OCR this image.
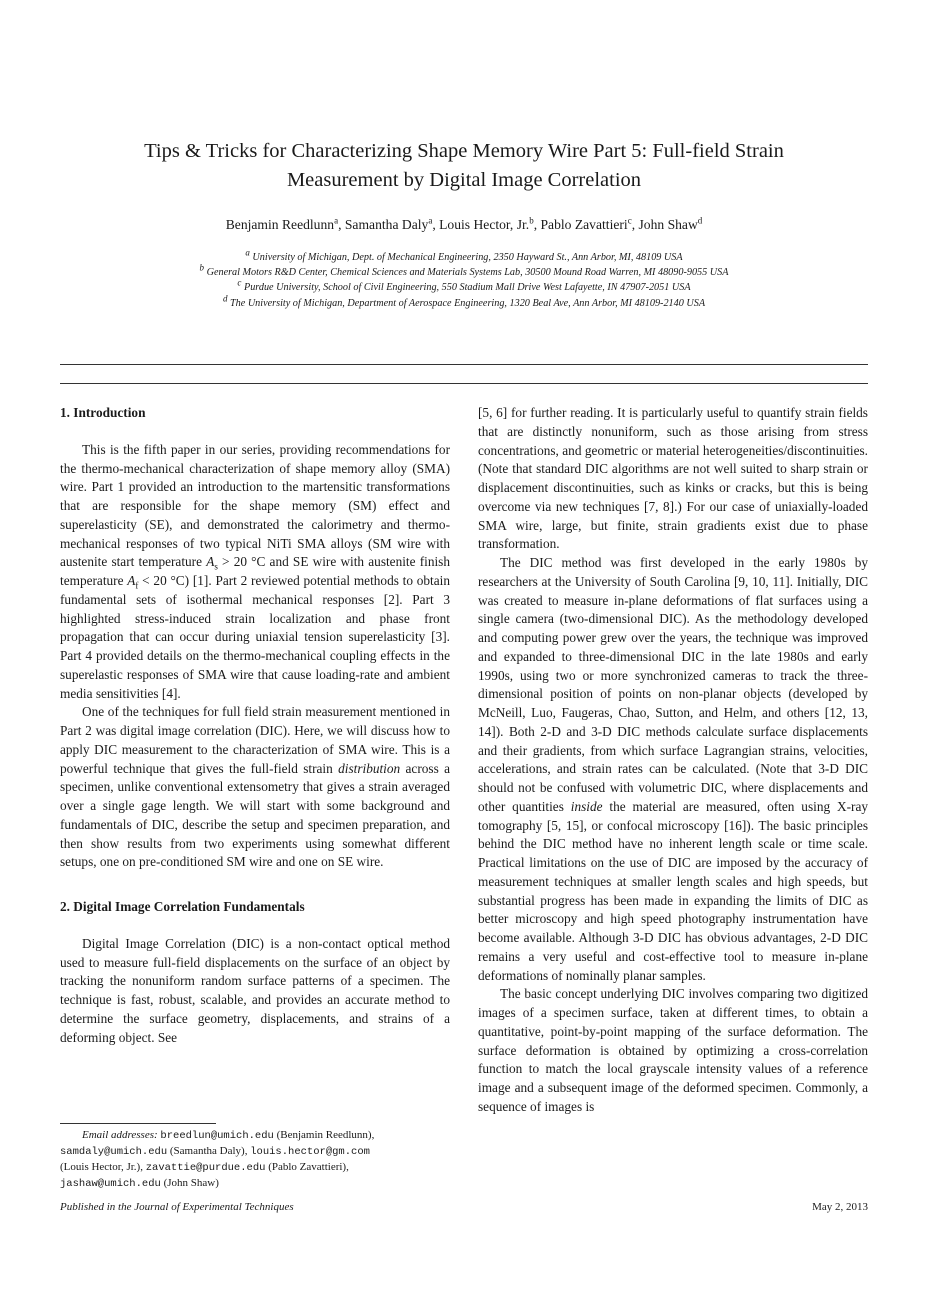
Tips & Tricks for Characterizing Shape Memory Wire Part 5: Full-field Strain
Measurement by Digital Image Correlation
Benjamin Reedlunn$^a$, Samantha Daly$^a$, Louis Hector, Jr.$^b$, Pablo Zavattieri$^c$, John Shaw$^d$
$^a$ University of Michigan, Dept. of Mechanical Engineering, 2350 Hayward St., Ann Arbor, MI, 48109 USA
$^b$ General Motors R&D Center, Chemical Sciences and Materials Systems Lab, 30500 Mound Road Warren, MI 48090-9055 USA
$^c$ Purdue University, School of Civil Engineering, 550 Stadium Mall Drive West Lafayette, IN 47907-2051 USA
$^d$ The University of Michigan, Department of Aerospace Engineering, 1320 Beal Ave, Ann Arbor, MI 48109-2140 USA
1. Introduction

This is the fifth paper in our series, providing recommendations for the thermo-mechanical characterization of shape memory alloy (SMA) wire. Part 1 provided an introduction to the martensitic transformations that are responsible for the shape memory (SM) effect and superelasticity (SE), and demonstrated the calorimetry and thermo-mechanical responses of two typical NiTi SMA alloys (SM wire with austenite start temperature $A_s > 20$ °C and SE wire with austenite finish temperature $A_f < 20$ °C) [1]. Part 2 reviewed potential methods to obtain fundamental sets of isothermal mechanical responses [2]. Part 3 highlighted stress-induced strain localization and phase front propagation that can occur during uniaxial tension superelasticity [3]. Part 4 provided details on the thermo-mechanical coupling effects in the superelastic responses of SMA wire that cause loading-rate and ambient media sensitivities [4].

One of the techniques for full field strain measurement mentioned in Part 2 was digital image correlation (DIC). Here, we will discuss how to apply DIC measurement to the characterization of SMA wire. This is a powerful technique that gives the full-field strain distribution across a specimen, unlike conventional extensometry that gives a strain averaged over a single gage length. We will start with some background and fundamentals of DIC, describe the setup and specimen preparation, and then show results from two experiments using somewhat different setups, one on pre-conditioned SM wire and one on SE wire.

2. Digital Image Correlation Fundamentals

Digital Image Correlation (DIC) is a non-contact optical method used to measure full-field displacements on the surface of an object by tracking the nonuniform random surface patterns of a specimen. The technique is fast, robust, scalable, and provides an accurate method to determine the surface geometry, displacements, and strains of a deforming object. See

[5, 6] for further reading. It is particularly useful to quantify strain fields that are distinctly nonuniform, such as those arising from stress concentrations, and geometric or material heterogeneities/discontinuities. (Note that standard DIC algorithms are not well suited to sharp strain or displacement discontinuities, such as kinks or cracks, but this is being overcome via new techniques [7, 8].) For our case of uniaxially-loaded SMA wire, large, but finite, strain gradients exist due to phase transformation.

The DIC method was first developed in the early 1980s by researchers at the University of South Carolina [9, 10, 11]. Initially, DIC was created to measure in-plane deformations of flat surfaces using a single camera (two-dimensional DIC). As the methodology developed and computing power grew over the years, the technique was improved and expanded to three-dimensional DIC in the late 1980s and early 1990s, using two or more synchronized cameras to track the three-dimensional position of points on non-planar objects (developed by McNeill, Luo, Faugeras, Chao, Sutton, and Helm, and others [12, 13, 14]). Both 2-D and 3-D DIC methods calculate surface displacements and their gradients, from which surface Lagrangian strains, velocities, accelerations, and strain rates can be calculated. (Note that 3-D DIC should not be confused with volumetric DIC, where displacements and other quantities inside the material are measured, often using X-ray tomography [5, 15], or confocal microscopy [16]). The basic principles behind the DIC method have no inherent length scale or time scale. Practical limitations on the use of DIC are imposed by the accuracy of measurement techniques at smaller length scales and high speeds, but substantial progress has been made in expanding the limits of DIC as better microscopy and high speed photography instrumentation have become available. Although 3-D DIC has obvious advantages, 2-D DIC remains a very useful and cost-effective tool to measure in-plane deformations of nominally planar samples.

The basic concept underlying DIC involves comparing two digitized images of a specimen surface, taken at different times, to obtain a quantitative, point-by-point mapping of the surface deformation. The surface deformation is obtained by optimizing a cross-correlation function to match the local grayscale intensity values of a reference image and a subsequent image of the deformed specimen. Commonly, a sequence of images is

Email addresses: breedlun@umich.edu (Benjamin Reedlunn),
samdaly@umich.edu (Samantha Daly), louis.hector@gm.com
(Louis Hector, Jr.), zavattie@purdue.edu (Pablo Zavattieri),
jashaw@umich.edu (John Shaw)
Published in the Journal of Experimental Techniques	May 2, 2013
